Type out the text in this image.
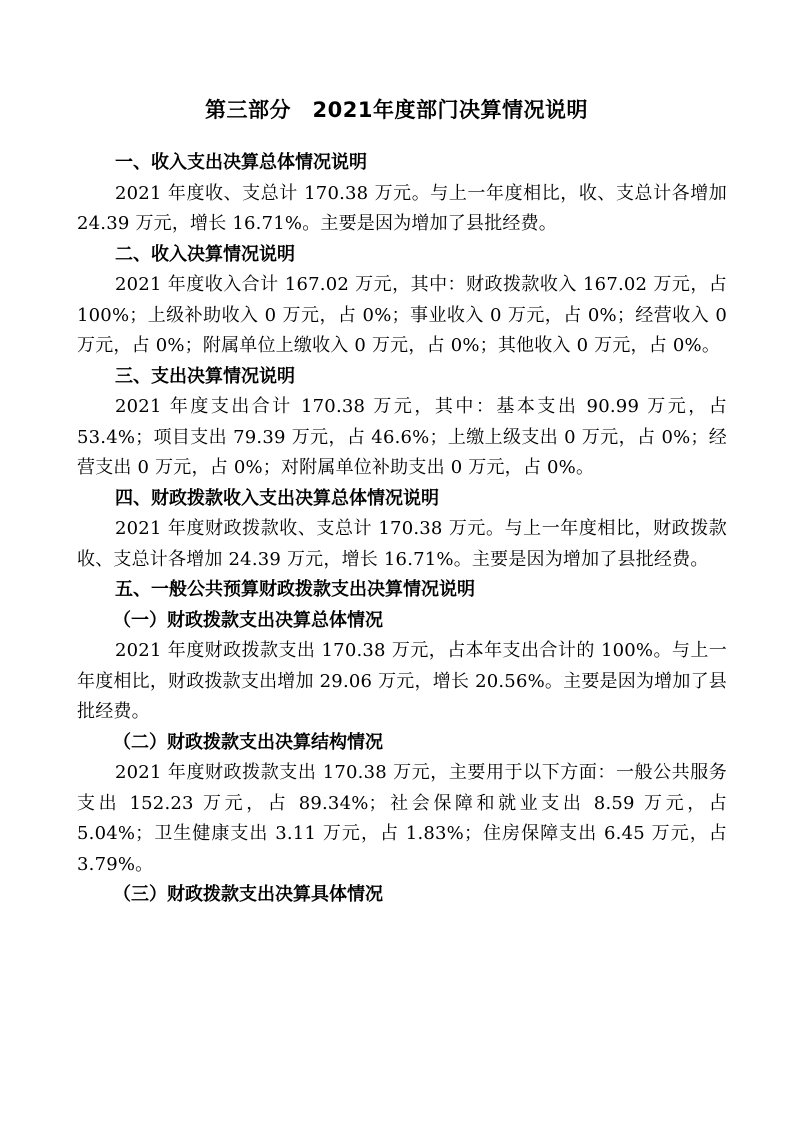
第三部分　2021年度部门决算情况说明

一、收入支出决算总体情况说明

2021 年度收、支总计 170.38 万元。与上一年度相比，收、支总计各增加 24.39 万元，增长 16.71%。主要是因为增加了县批经费。

二、收入决算情况说明

2021 年度收入合计 167.02 万元，其中：财政拨款收入 167.02 万元，占 100%；上级补助收入 0 万元，占 0%；事业收入 0 万元，占 0%；经营收入 0 万元，占 0%；附属单位上缴收入 0 万元，占 0%；其他收入 0 万元，占 0%。

三、支出决算情况说明

2021 年度支出合计 170.38 万元，其中：基本支出 90.99 万元，占 53.4%；项目支出 79.39 万元，占 46.6%；上缴上级支出 0 万元，占 0%；经营支出 0 万元，占 0%；对附属单位补助支出 0 万元，占 0%。

四、财政拨款收入支出决算总体情况说明

2021 年度财政拨款收、支总计 170.38 万元。与上一年度相比，财政拨款收、支总计各增加 24.39 万元，增长 16.71%。主要是因为增加了县批经费。

五、一般公共预算财政拨款支出决算情况说明

（一）财政拨款支出决算总体情况

2021 年度财政拨款支出 170.38 万元，占本年支出合计的 100%。与上一年度相比，财政拨款支出增加 29.06 万元，增长 20.56%。主要是因为增加了县批经费。

（二）财政拨款支出决算结构情况

2021 年度财政拨款支出 170.38 万元，主要用于以下方面：一般公共服务支出 152.23 万元，占 89.34%；社会保障和就业支出 8.59 万元，占 5.04%；卫生健康支出 3.11 万元，占 1.83%；住房保障支出 6.45 万元，占 3.79%。

（三）财政拨款支出决算具体情况
